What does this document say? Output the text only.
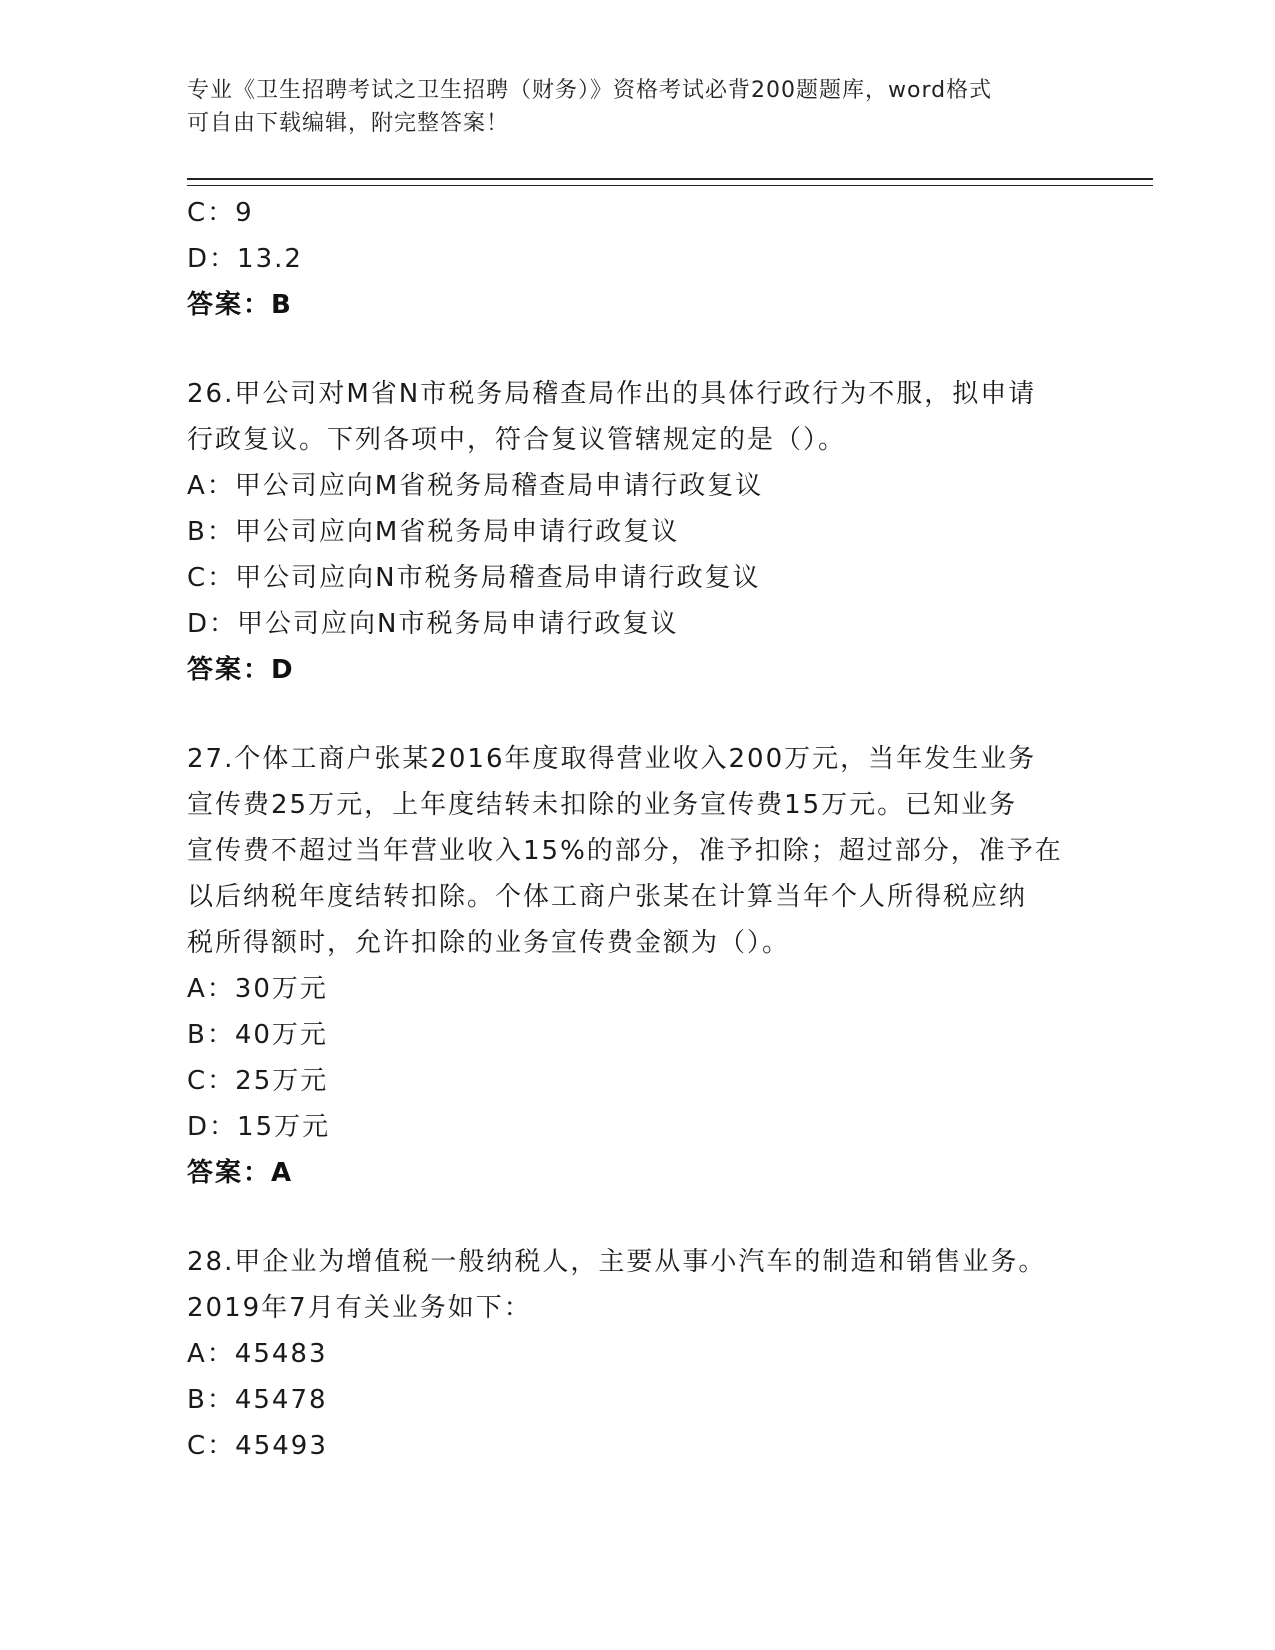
专业《卫生招聘考试之卫生招聘（财务）》资格考试必背200题题库，word格式
可自由下载编辑，附完整答案！
C：9
D：13.2
答案：B
26.甲公司对M省N市税务局稽查局作出的具体行政行为不服，拟申请
行政复议。下列各项中，符合复议管辖规定的是（）。
A：甲公司应向M省税务局稽查局申请行政复议
B：甲公司应向M省税务局申请行政复议
C：甲公司应向N市税务局稽查局申请行政复议
D：甲公司应向N市税务局申请行政复议
答案：D
27.个体工商户张某2016年度取得营业收入200万元，当年发生业务
宣传费25万元，上年度结转未扣除的业务宣传费15万元。已知业务
宣传费不超过当年营业收入15%的部分，准予扣除；超过部分，准予在
以后纳税年度结转扣除。个体工商户张某在计算当年个人所得税应纳
税所得额时，允许扣除的业务宣传费金额为（）。
A：30万元
B：40万元
C：25万元
D：15万元
答案：A
28.甲企业为增值税一般纳税人，主要从事小汽车的制造和销售业务。
2019年7月有关业务如下：
A：45483
B：45478
C：45493
